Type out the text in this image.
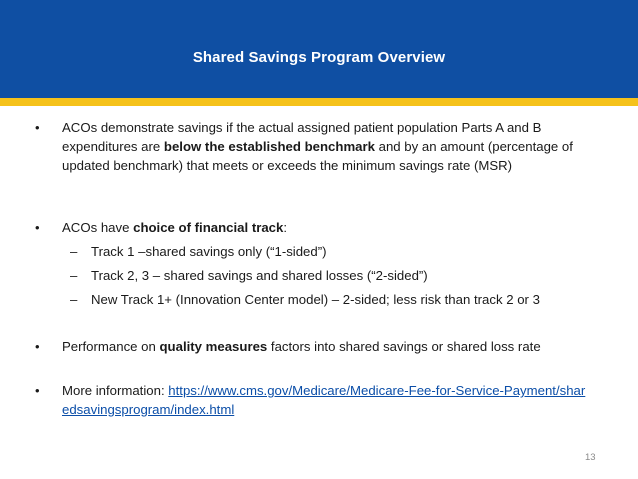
Shared Savings Program Overview
• ACOs demonstrate savings if the actual assigned patient population Parts A and B expenditures are below the established benchmark and by an amount (percentage of updated benchmark) that meets or exceeds the minimum savings rate (MSR)
• ACOs have choice of financial track:
– Track 1 –shared savings only (“1-sided”)
– Track 2, 3 – shared savings and shared losses (“2-sided”)
– New Track 1+ (Innovation Center model) – 2-sided; less risk than track 2 or 3
• Performance on quality measures factors into shared savings or shared loss rate
• More information: https://www.cms.gov/Medicare/Medicare-Fee-for-Service-Payment/sharedsavingsprogram/index.html
13
